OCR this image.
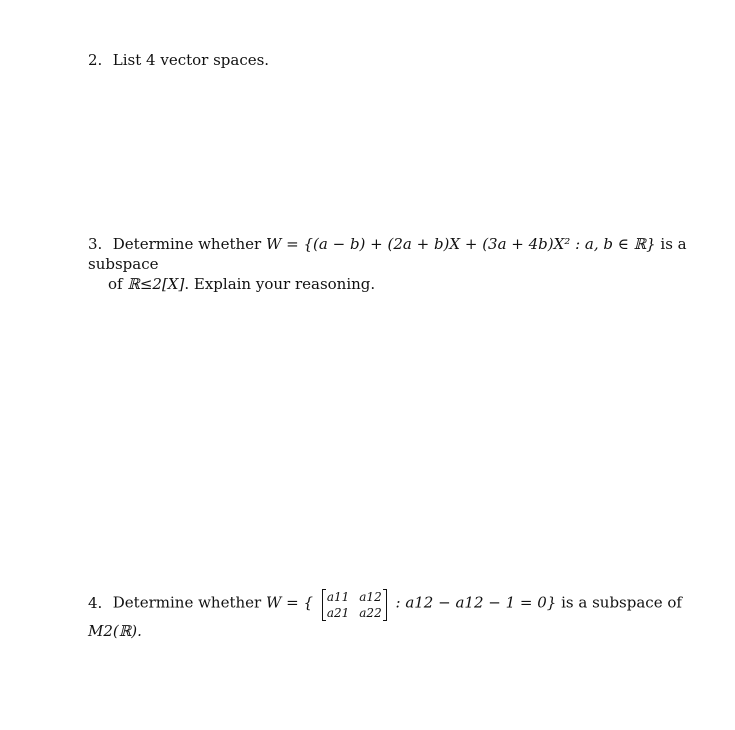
2. List 4 vector spaces.
3. Determine whether W = {(a − b) + (2a + b)X + (3a + 4b)X² : a, b ∈ ℝ} is a subspace
of ℝ≤2[X]. Explain your reasoning.
4. Determine whether W = { a11 a12
a21 a22
: a12 − a12 − 1 = 0} is a subspace of M2(ℝ).
